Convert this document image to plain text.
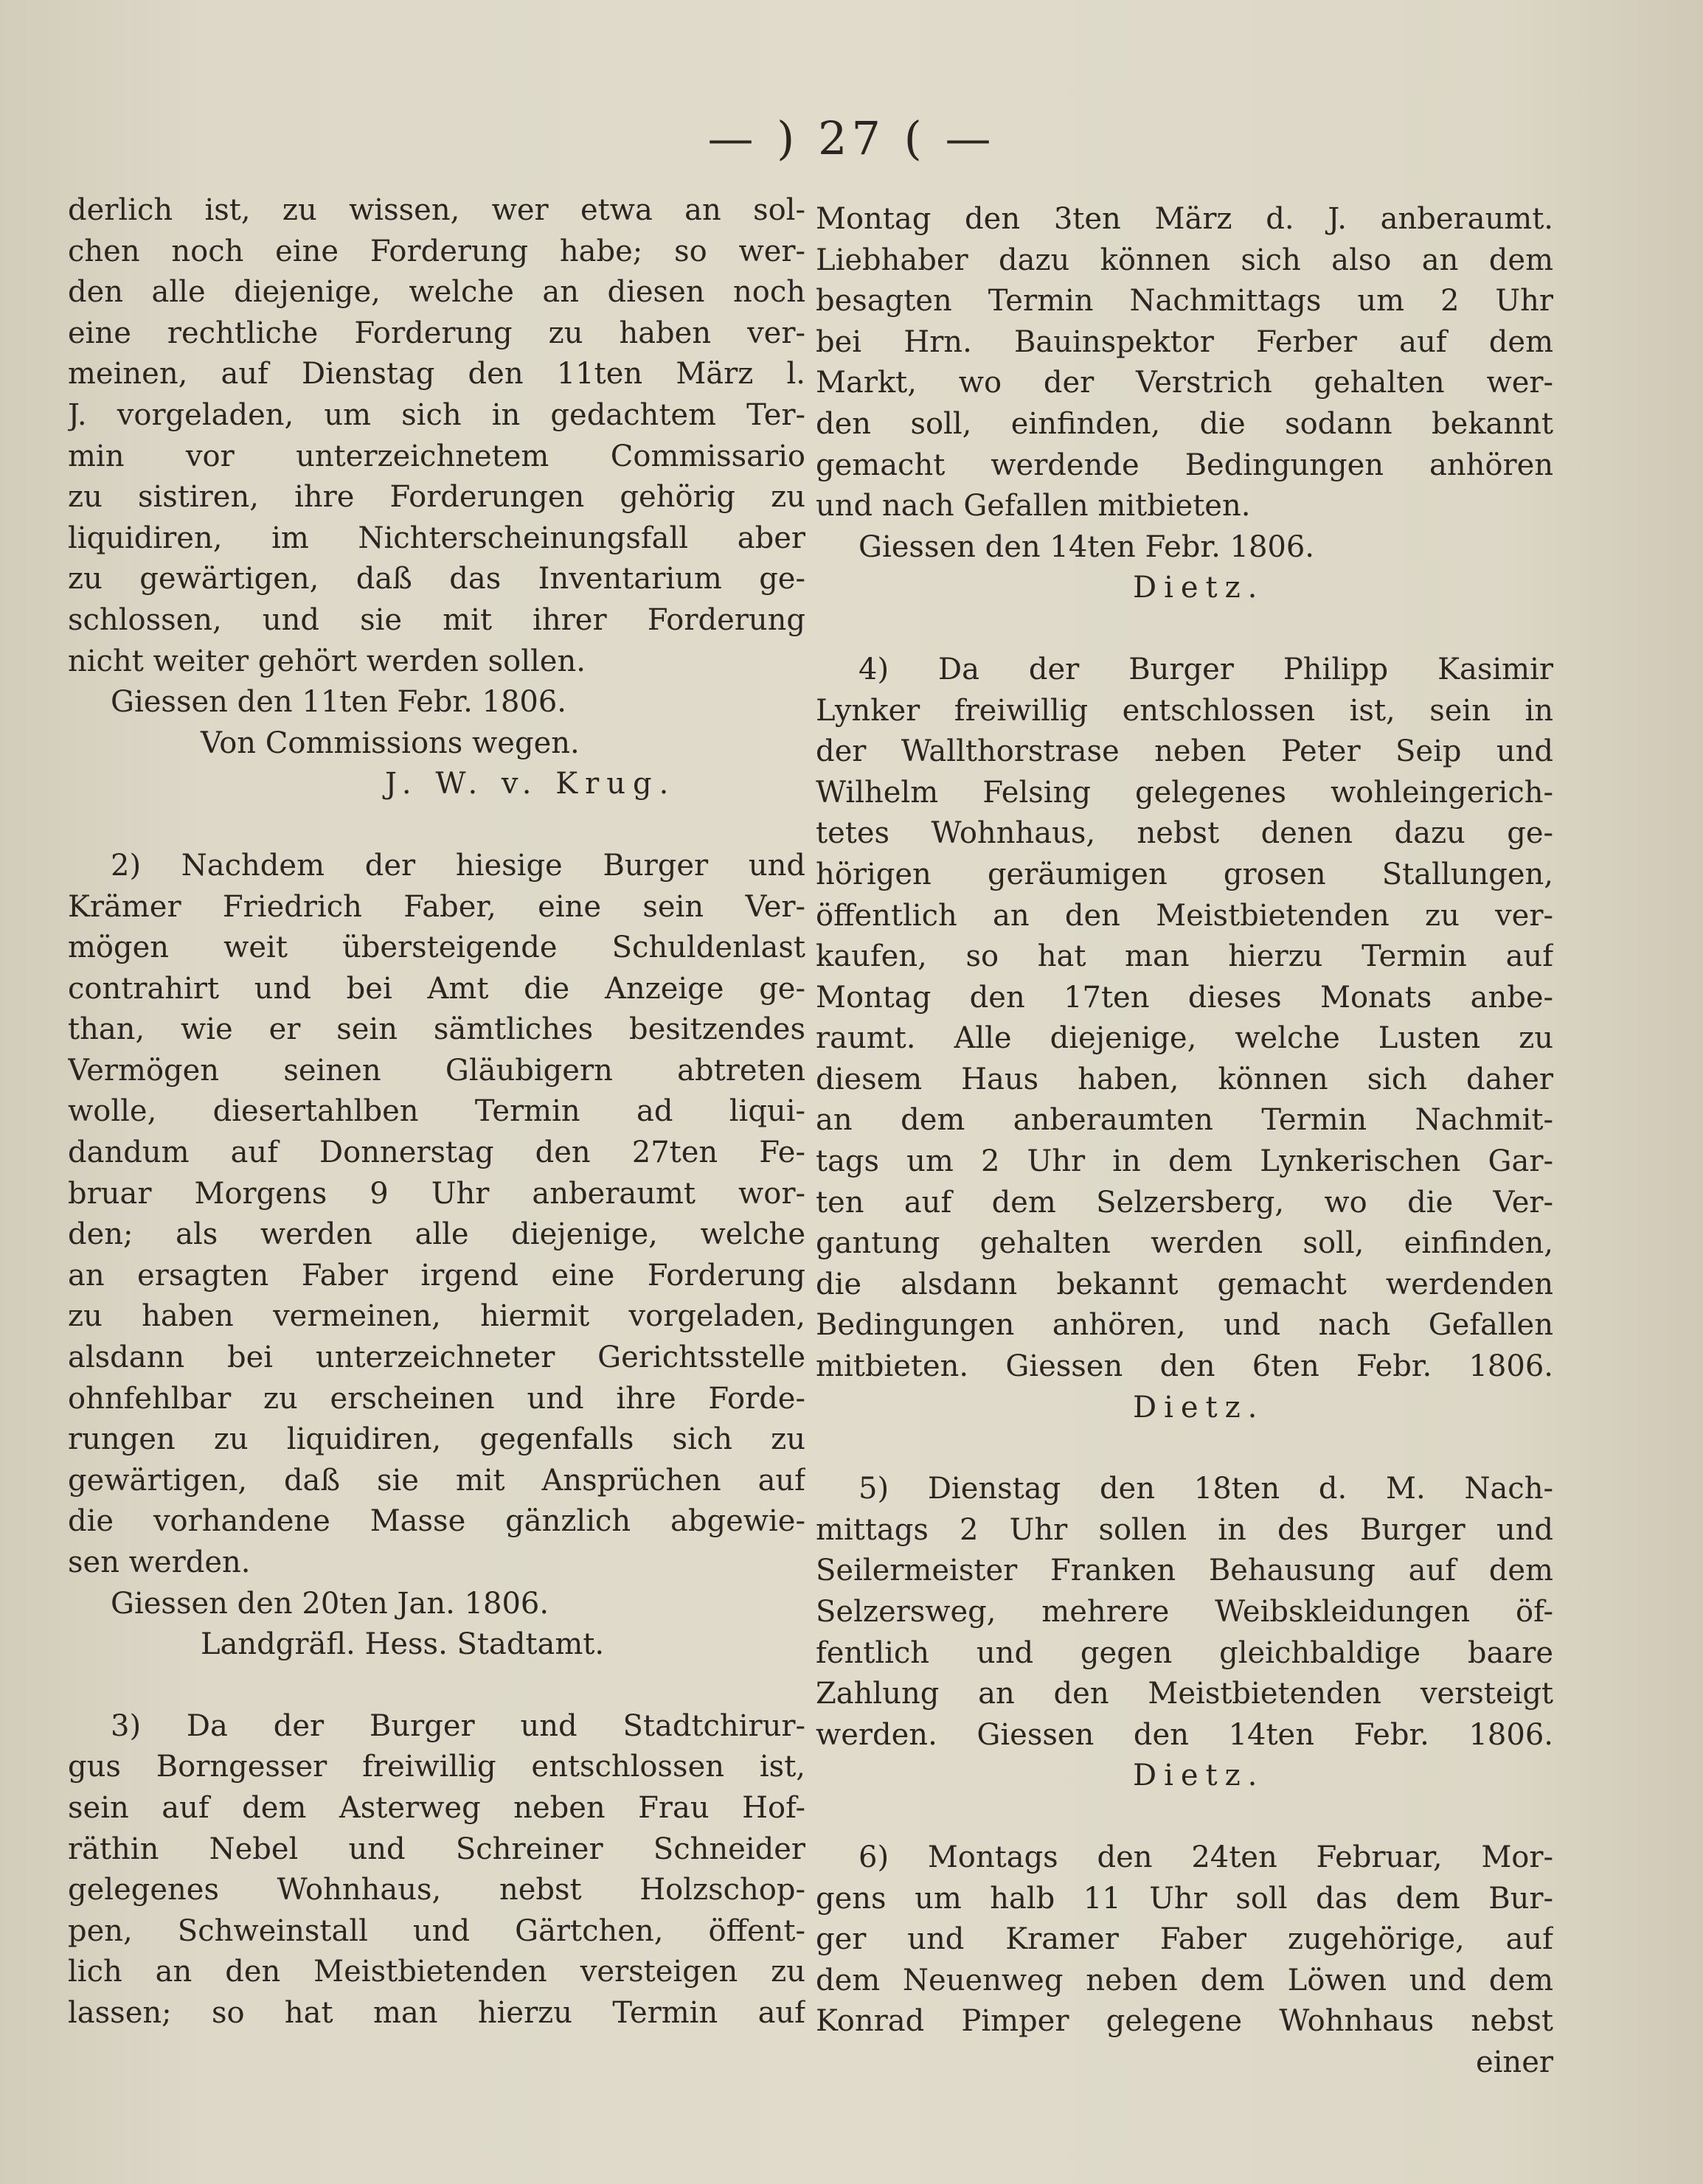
— ) 27 ( —
derlich ist, zu wissen, wer etwa an sol-
chen noch eine Forderung habe; so wer-
den alle diejenige, welche an diesen noch
eine rechtliche Forderung zu haben ver-
meinen, auf Dienstag den 11ten März l.
J. vorgeladen, um sich in gedachtem Ter-
min vor unterzeichnetem Commissario
zu sistiren, ihre Forderungen gehörig zu
liquidiren, im Nichterscheinungsfall aber
zu gewärtigen, daß das Inventarium ge-
schlossen, und sie mit ihrer Forderung
nicht weiter gehört werden sollen.
Giessen den 11ten Febr. 1806.
Von Commissions wegen.
J. W. v. Krug.
2) Nachdem der hiesige Burger und
Krämer Friedrich Faber, eine sein Ver-
mögen weit übersteigende Schuldenlast
contrahirt und bei Amt die Anzeige ge-
than, wie er sein sämtliches besitzendes
Vermögen seinen Gläubigern abtreten
wolle, diesertahlben Termin ad liqui-
dandum auf Donnerstag den 27ten Fe-
bruar Morgens 9 Uhr anberaumt wor-
den; als werden alle diejenige, welche
an ersagten Faber irgend eine Forderung
zu haben vermeinen, hiermit vorgeladen,
alsdann bei unterzeichneter Gerichtsstelle
ohnfehlbar zu erscheinen und ihre Forde-
rungen zu liquidiren, gegenfalls sich zu
gewärtigen, daß sie mit Ansprüchen auf
die vorhandene Masse gänzlich abgewie-
sen werden.
Giessen den 20ten Jan. 1806.
Landgräfl. Hess. Stadtamt.
3) Da der Burger und Stadtchirur-
gus Borngesser freiwillig entschlossen ist,
sein auf dem Asterweg neben Frau Hof-
räthin Nebel und Schreiner Schneider
gelegenes Wohnhaus, nebst Holzschop-
pen, Schweinstall und Gärtchen, öffent-
lich an den Meistbietenden versteigen zu
lassen; so hat man hierzu Termin auf
Montag den 3ten März d. J. anberaumt.
Liebhaber dazu können sich also an dem
besagten Termin Nachmittags um 2 Uhr
bei Hrn. Bauinspektor Ferber auf dem
Markt, wo der Verstrich gehalten wer-
den soll, einfinden, die sodann bekannt
gemacht werdende Bedingungen anhören
und nach Gefallen mitbieten.
Giessen den 14ten Febr. 1806.
Dietz.
4) Da der Burger Philipp Kasimir
Lynker freiwillig entschlossen ist, sein in
der Wallthorstrase neben Peter Seip und
Wilhelm Felsing gelegenes wohleingerich-
tetes Wohnhaus, nebst denen dazu ge-
hörigen geräumigen grosen Stallungen,
öffentlich an den Meistbietenden zu ver-
kaufen, so hat man hierzu Termin auf
Montag den 17ten dieses Monats anbe-
raumt. Alle diejenige, welche Lusten zu
diesem Haus haben, können sich daher
an dem anberaumten Termin Nachmit-
tags um 2 Uhr in dem Lynkerischen Gar-
ten auf dem Selzersberg, wo die Ver-
gantung gehalten werden soll, einfinden,
die alsdann bekannt gemacht werdenden
Bedingungen anhören, und nach Gefallen
mitbieten. Giessen den 6ten Febr. 1806.
Dietz.
5) Dienstag den 18ten d. M. Nach-
mittags 2 Uhr sollen in des Burger und
Seilermeister Franken Behausung auf dem
Selzersweg, mehrere Weibskleidungen öf-
fentlich und gegen gleichbaldige baare
Zahlung an den Meistbietenden versteigt
werden. Giessen den 14ten Febr. 1806.
Dietz.
6) Montags den 24ten Februar, Mor-
gens um halb 11 Uhr soll das dem Bur-
ger und Kramer Faber zugehörige, auf
dem Neuenweg neben dem Löwen und dem
Konrad Pimper gelegene Wohnhaus nebst
einer
